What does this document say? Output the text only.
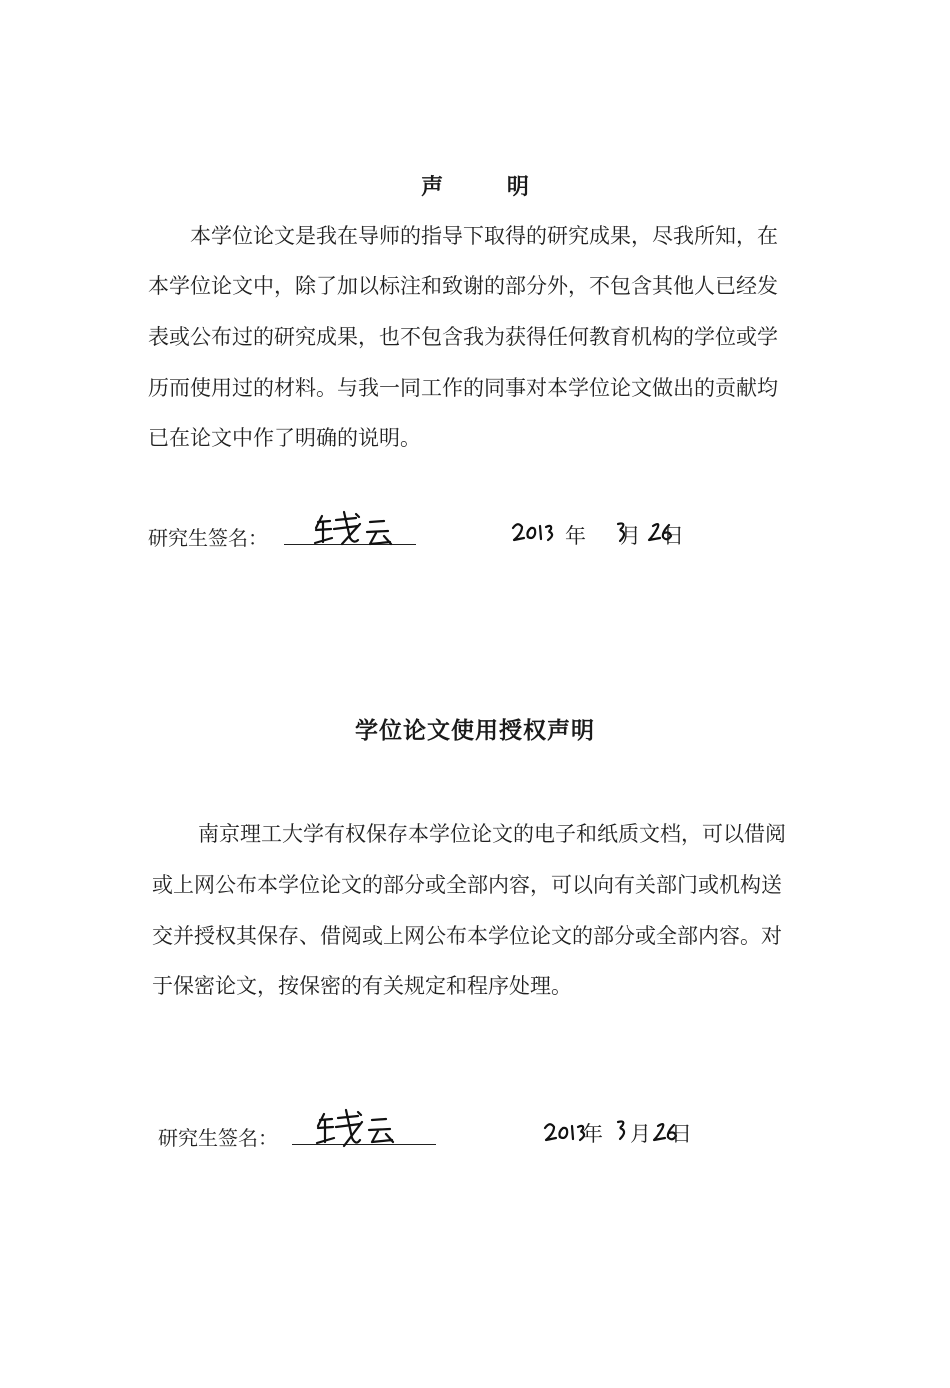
声 明
本学位论文是我在导师的指导下取得的研究成果，尽我所知，在
本学位论文中，除了加以标注和致谢的部分外，不包含其他人已经发
表或公布过的研究成果，也不包含我为获得任何教育机构的学位或学
历而使用过的材料。与我一同工作的同事对本学位论文做出的贡献均
已在论文中作了明确的说明。
研究生签名：	年 月 日
学位论文使用授权声明
南京理工大学有权保存本学位论文的电子和纸质文档，可以借阅
或上网公布本学位论文的部分或全部内容，可以向有关部门或机构送
交并授权其保存、借阅或上网公布本学位论文的部分或全部内容。对
于保密论文，按保密的有关规定和程序处理。
研究生签名：	年 月 日
